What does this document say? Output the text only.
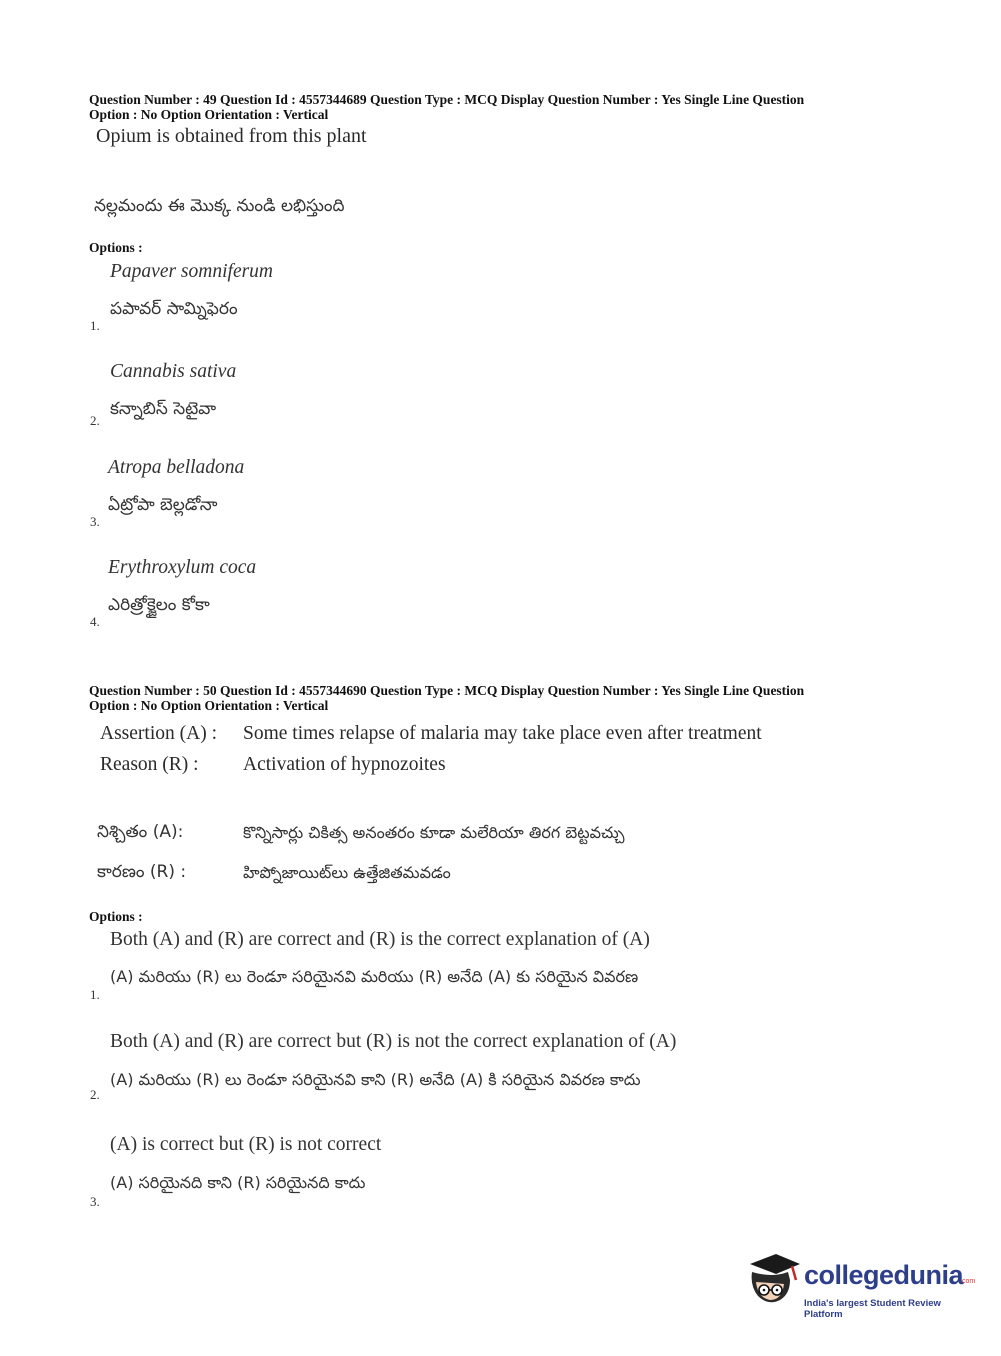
Question Number : 49 Question Id : 4557344689 Question Type : MCQ Display Question Number : Yes Single Line Question
Option : No Option Orientation : Vertical
Opium is obtained from this plant
నల్లమందు ఈ మొక్క నుండి లభిస్తుంది
Options :
Papaver somniferum
పపావర్ సామ్నిఫెరం
1.
Cannabis sativa
కన్నాబిస్ సెటైవా
2.
Atropa belladona
ఏట్రోపా బెల్లడోనా
3.
Erythroxylum coca
ఎరిత్రోక్జైలం కోకా
4.
Question Number : 50 Question Id : 4557344690 Question Type : MCQ Display Question Number : Yes Single Line Question
Option : No Option Orientation : Vertical
Assertion (A) : Some times relapse of malaria may take place even after treatment
Reason (R) : Activation of hypnozoites
నిశ్చితం (A):	కొన్నిసార్లు చికిత్స అనంతరం కూడా మలేరియా తిరగ బెట్టవచ్చు
కారణం (R) :	హిప్నోజాయిట్‌లు ఉత్తేజితమవడం
Options :
Both (A) and (R) are correct and (R) is the correct explanation of (A)
(A) మరియు (R) లు రెండూ సరియైనవి మరియు (R) అనేది (A) కు సరియైన వివరణ
1.
Both (A) and (R) are correct but (R) is not the correct explanation of (A)
(A) మరియు (R) లు రెండూ సరియైనవి కాని (R) అనేది (A) కి సరియైన వివరణ కాదు
2.
(A) is correct but (R) is not correct
(A) సరియైనది కాని (R) సరియైనది కాదు
3.
collegedunia
.com
India's largest Student Review Platform
